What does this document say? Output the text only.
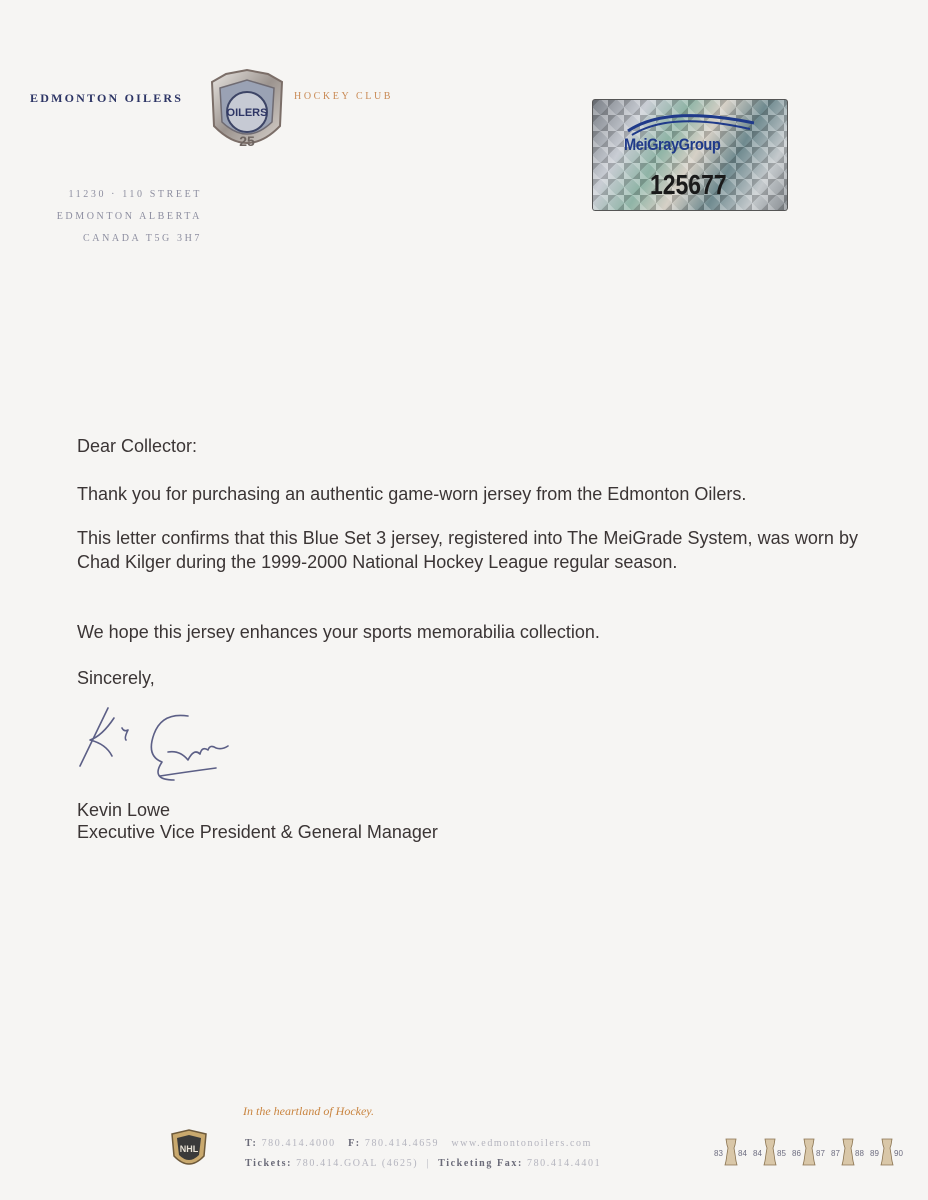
EDMONTON OILERS
OILERS
25
HOCKEY CLUB
11230 · 110 STREET
EDMONTON ALBERTA
CANADA T5G 3H7
MeiGrayGroup
125677
Dear Collector:
Thank you for purchasing an authentic game-worn jersey from the Edmonton Oilers.
This letter confirms that this Blue Set 3 jersey, registered into The MeiGrade System, was worn by Chad Kilger during the 1999-2000 National Hockey League regular season.
We hope this jersey enhances your sports memorabilia collection.
Sincerely,
Kevin Lowe
Executive Vice President & General Manager
In the heartland of Hockey.
NHL	T: 780.414.4000 F: 780.414.4659 www.edmontonoilers.com
Tickets: 780.414.GOAL (4625)  |  Ticketing Fax: 780.414.4401
83 84 84 85 86 87 87 88 89 90
